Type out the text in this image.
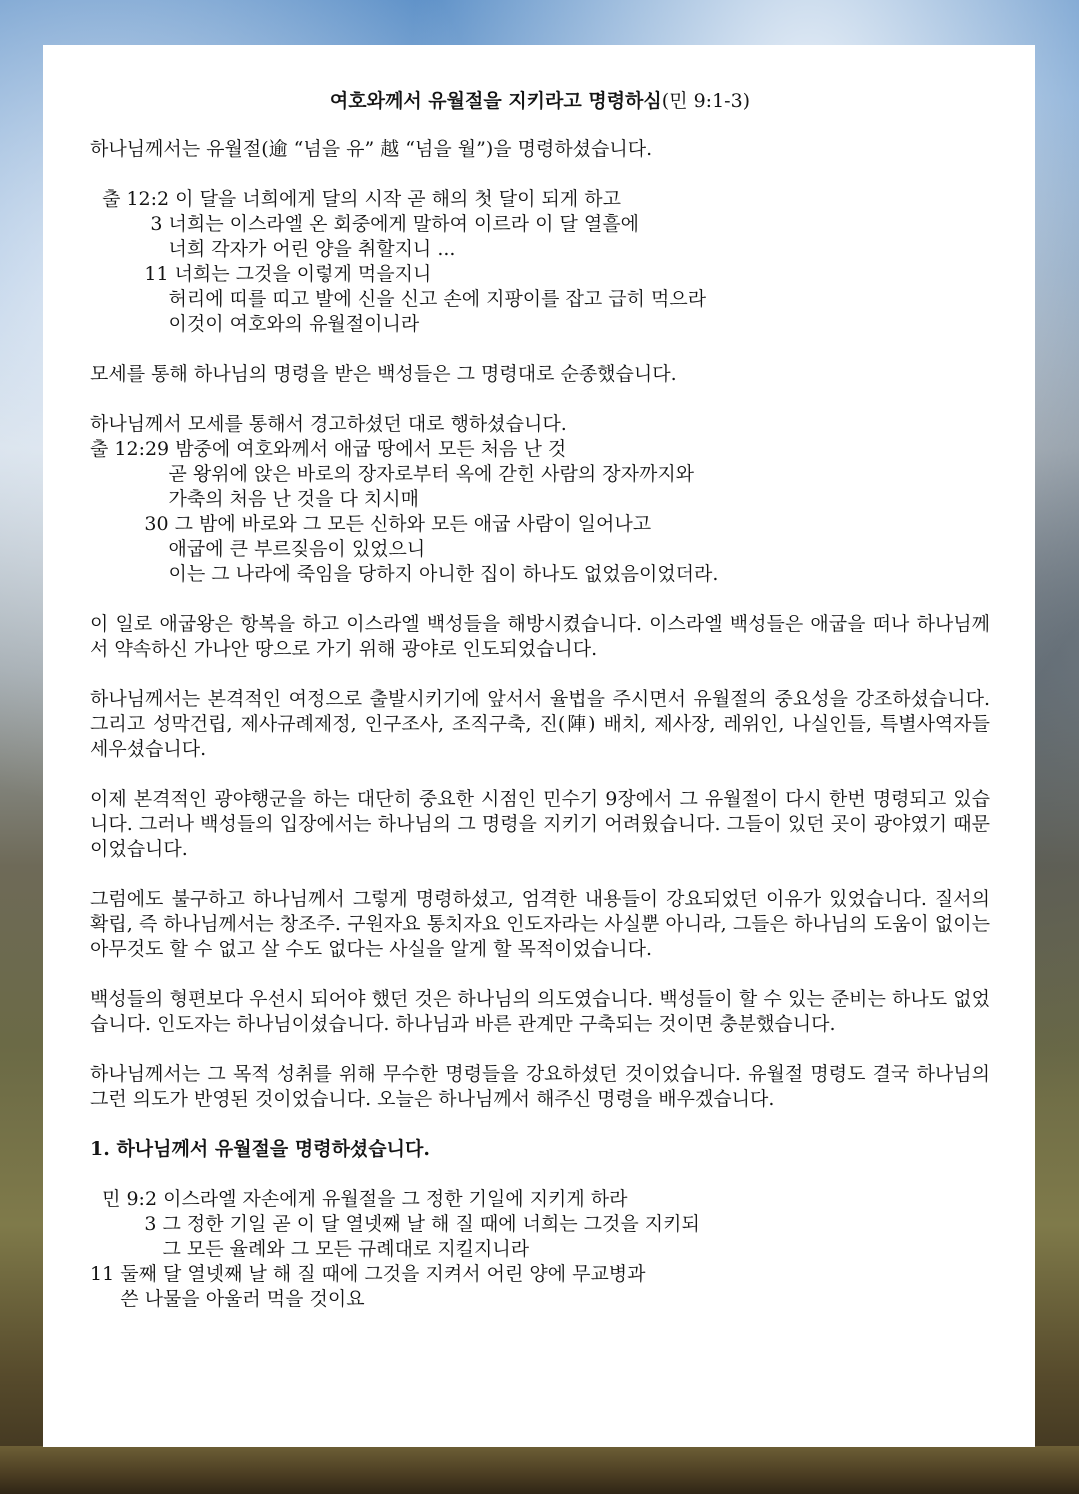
여호와께서 유월절을 지키라고 명령하심(민 9:1-3)

하나님께서는 유월절(逾 “넘을 유” 越 “넘을 월”)을 명령하셨습니다.

출 12:2 이 달을 너희에게 달의 시작 곧 해의 첫 달이 되게 하고

3 너희는 이스라엘 온 회중에게 말하여 이르라 이 달 열흘에

너희 각자가 어린 양을 취할지니 ...

11 너희는 그것을 이렇게 먹을지니

허리에 띠를 띠고 발에 신을 신고 손에 지팡이를 잡고 급히 먹으라

이것이 여호와의 유월절이니라

모세를 통해 하나님의 명령을 받은 백성들은 그 명령대로 순종했습니다.

하나님께서 모세를 통해서 경고하셨던 대로 행하셨습니다.

출 12:29 밤중에 여호와께서 애굽 땅에서 모든 처음 난 것

곧 왕위에 앉은 바로의 장자로부터 옥에 갇힌 사람의 장자까지와

가축의 처음 난 것을 다 치시매

30 그 밤에 바로와 그 모든 신하와 모든 애굽 사람이 일어나고

애굽에 큰 부르짖음이 있었으니

이는 그 나라에 죽임을 당하지 아니한 집이 하나도 없었음이었더라.

이 일로 애굽왕은 항복을 하고 이스라엘 백성들을 해방시켰습니다. 이스라엘 백성들은 애굽을 떠나 하나님께서 약속하신 가나안 땅으로 가기 위해 광야로 인도되었습니다.

하나님께서는 본격적인 여정으로 출발시키기에 앞서서 율법을 주시면서 유월절의 중요성을 강조하셨습니다. 그리고 성막건립, 제사규례제정, 인구조사, 조직구축, 진(陣) 배치, 제사장, 레위인, 나실인들, 특별사역자들 세우셨습니다.

이제 본격적인 광야행군을 하는 대단히 중요한 시점인 민수기 9장에서 그 유월절이 다시 한번 명령되고 있습니다. 그러나 백성들의 입장에서는 하나님의 그 명령을 지키기 어려웠습니다. 그들이 있던 곳이 광야였기 때문이었습니다.

그럼에도 불구하고 하나님께서 그렇게 명령하셨고, 엄격한 내용들이 강요되었던 이유가 있었습니다. 질서의 확립, 즉 하나님께서는 창조주. 구원자요 통치자요 인도자라는 사실뿐 아니라, 그들은 하나님의 도움이 없이는 아무것도 할 수 없고 살 수도 없다는 사실을 알게 할 목적이었습니다.

백성들의 형편보다 우선시 되어야 했던 것은 하나님의 의도였습니다. 백성들이 할 수 있는 준비는 하나도 없었습니다. 인도자는 하나님이셨습니다. 하나님과 바른 관계만 구축되는 것이면 충분했습니다.

하나님께서는 그 목적 성취를 위해 무수한 명령들을 강요하셨던 것이었습니다. 유월절 명령도 결국 하나님의 그런 의도가 반영된 것이었습니다. 오늘은 하나님께서 해주신 명령을 배우겠습니다.

1. 하나님께서 유월절을 명령하셨습니다.

민 9:2 이스라엘 자손에게 유월절을 그 정한 기일에 지키게 하라

3 그 정한 기일 곧 이 달 열넷째 날 해 질 때에 너희는 그것을 지키되

그 모든 율례와 그 모든 규례대로 지킬지니라

11 둘째 달 열넷째 날 해 질 때에 그것을 지켜서 어린 양에 무교병과

쓴 나물을 아울러 먹을 것이요
